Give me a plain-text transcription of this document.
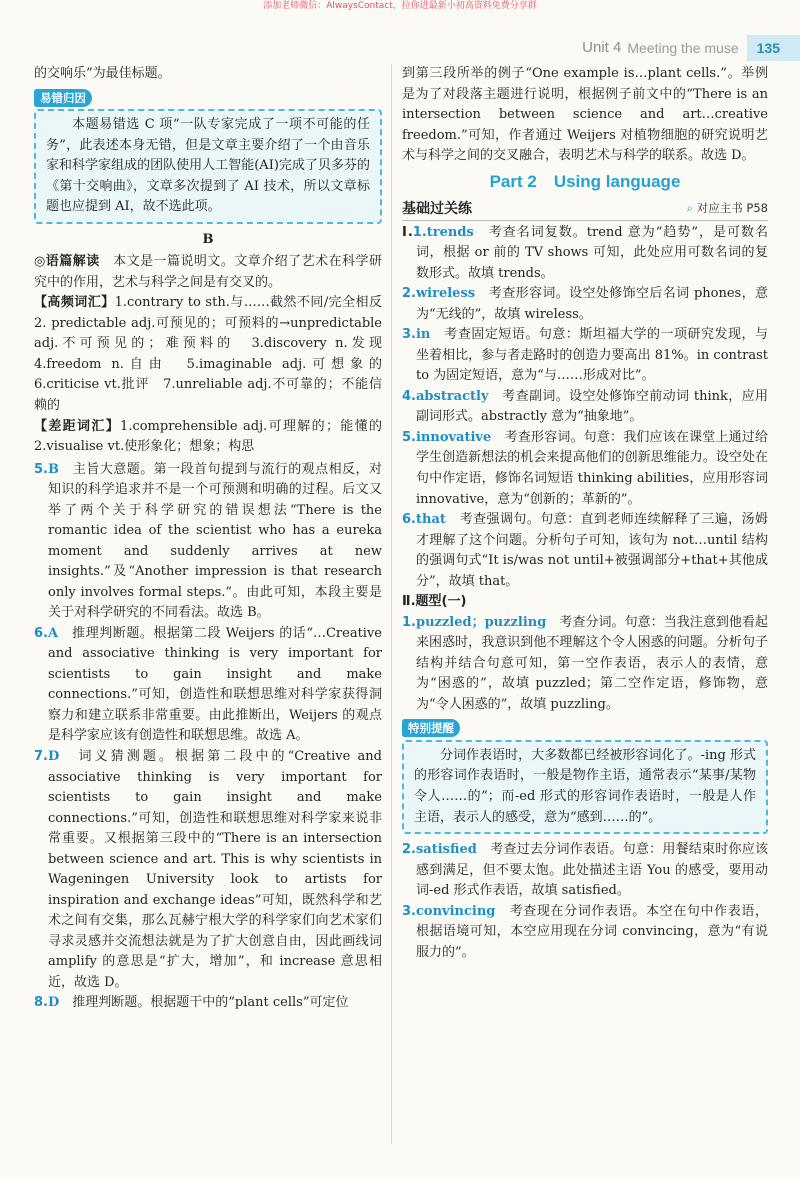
添加老师微信：AlwaysContact，拉你进最新小初高资料免费分享群
Unit 4 Meeting the muse	135

的交响乐”为最佳标题。

易错归因

本题易错选 C 项“一队专家完成了一项不可能的任务”，此表述本身无错，但是文章主要介绍了一个由音乐家和科学家组成的团队使用人工智能(AI)完成了贝多芬的《第十交响曲》，文章多次提到了 AI 技术，所以文章标题也应提到 AI，故不选此项。

B

◎语篇解读　 本文是一篇说明文。文章介绍了艺术在科学研究中的作用，艺术与科学之间是有交叉的。

【高频词汇】1.contrary to sth.与……截然不同/完全相反　2. predictable adj.可预见的；可预料的→unpredictable adj.不可预见的；难预料的　3.discovery n.发现　4.freedom n.自由　5.imaginable adj.可想象的　6.criticise vt.批评　7.unreliable adj.不可靠的；不能信赖的

【差距词汇】1.comprehensible adj.可理解的；能懂的　2.visualise vt.使形象化；想象；构思

5.B　 主旨大意题。第一段首句提到与流行的观点相反，对知识的科学追求并不是一个可预测和明确的过程。后文又举了两个关于科学研究的错误想法“There is the romantic idea of the scientist who has a eureka moment and suddenly arrives at new insights.”及“Another impression is that research only involves formal steps.”。由此可知，本段主要是关于对科学研究的不同看法。故选 B。

6.A　 推理判断题。根据第二段 Weijers 的话“…Creative and associative thinking is very important for scientists to gain insight and make connections.”可知，创造性和联想思维对科学家获得洞察力和建立联系非常重要。由此推断出，Weijers 的观点是科学家应该有创造性和联想思维。故选 A。

7.D　 词义猜测题。根据第二段中的“Creative and associative thinking is very important for scientists to gain insight and make connections.”可知，创造性和联想思维对科学家来说非常重要。又根据第三段中的“There is an intersection between science and art. This is why scientists in Wageningen University look to artists for inspiration and exchange ideas”可知，既然科学和艺术之间有交集，那么瓦赫宁根大学的科学家们向艺术家们寻求灵感并交流想法就是为了扩大创意自由，因此画线词 amplify 的意思是“扩大，增加”，和 increase 意思相近，故选 D。

8.D　 推理判断题。根据题干中的“plant cells”可定位

到第三段所举的例子“One example is…plant cells.”。举例是为了对段落主题进行说明，根据例子前文中的“There is an intersection between science and art…creative freedom.”可知，作者通过 Weijers 对植物细胞的研究说明艺术与科学之间的交叉融合，表明艺术与科学的联系。故选 D。

Part 2　Using language
基础过关练	⌕ 对应主书 P58

Ⅰ.1.trends　 考查名词复数。trend 意为“趋势”，是可数名词，根据 or 前的 TV shows 可知，此处应用可数名词的复数形式。故填 trends。

2.wireless　 考查形容词。设空处修饰空后名词 phones，意为“无线的”，故填 wireless。

3.in　 考查固定短语。句意：斯坦福大学的一项研究发现，与坐着相比，参与者走路时的创造力要高出 81%。in contrast to 为固定短语，意为“与……形成对比”。

4.abstractly　 考查副词。设空处修饰空前动词 think，应用副词形式。abstractly 意为“抽象地”。

5.innovative　 考查形容词。句意：我们应该在课堂上通过给学生创造新想法的机会来提高他们的创新思维能力。设空处在句中作定语，修饰名词短语 thinking abilities，应用形容词 innovative，意为“创新的；革新的”。

6.that　 考查强调句。句意：直到老师连续解释了三遍，汤姆才理解了这个问题。分析句子可知，该句为 not…until 结构的强调句式“It is/was not until+被强调部分+that+其他成分”，故填 that。

Ⅱ.题型(一)

1.puzzled；puzzling　 考查分词。句意：当我注意到他看起来困惑时，我意识到他不理解这个令人困惑的问题。分析句子结构并结合句意可知，第一空作表语，表示人的表情，意为“困惑的”，故填 puzzled；第二空作定语，修饰物，意为“令人困惑的”，故填 puzzling。

特别提醒

分词作表语时，大多数都已经被形容词化了。-ing 形式的形容词作表语时，一般是物作主语，通常表示“某事/某物令人……的”；而-ed 形式的形容词作表语时，一般是人作主语，表示人的感受，意为“感到……的”。

2.satisfied　 考查过去分词作表语。句意：用餐结束时你应该感到满足，但不要太饱。此处描述主语 You 的感受，要用动词-ed 形式作表语，故填 satisfied。

3.convincing　 考查现在分词作表语。本空在句中作表语，根据语境可知，本空应用现在分词 convincing，意为“有说服力的”。
